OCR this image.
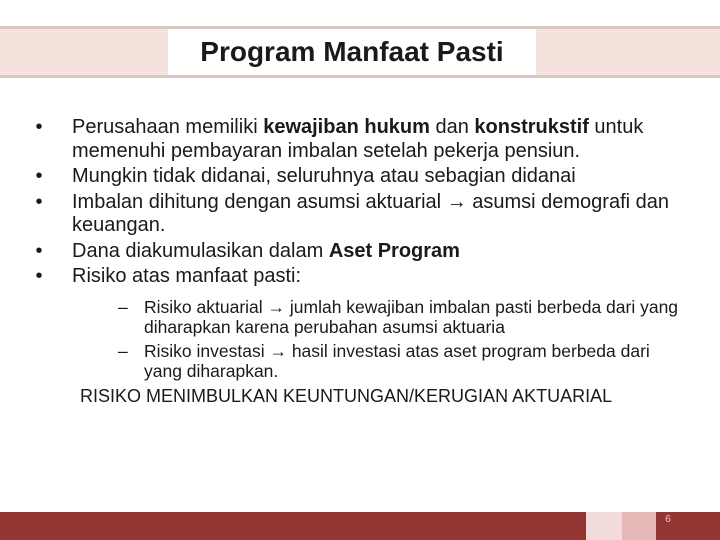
Program Manfaat Pasti
• Perusahaan memiliki kewajiban hukum dan konstrukstif untuk memenuhi pembayaran imbalan setelah pekerja pensiun.
• Mungkin tidak didanai, seluruhnya atau sebagian didanai
• Imbalan dihitung dengan asumsi aktuarial → asumsi demografi dan keuangan.
• Dana diakumulasikan dalam Aset Program
• Risiko atas manfaat pasti:
– Risiko aktuarial → jumlah kewajiban imbalan pasti berbeda dari yang diharapkan karena perubahan asumsi aktuaria
– Risiko investasi → hasil investasi atas aset program berbeda dari yang diharapkan.
RISIKO MENIMBULKAN KEUNTUNGAN/KERUGIAN AKTUARIAL
6
